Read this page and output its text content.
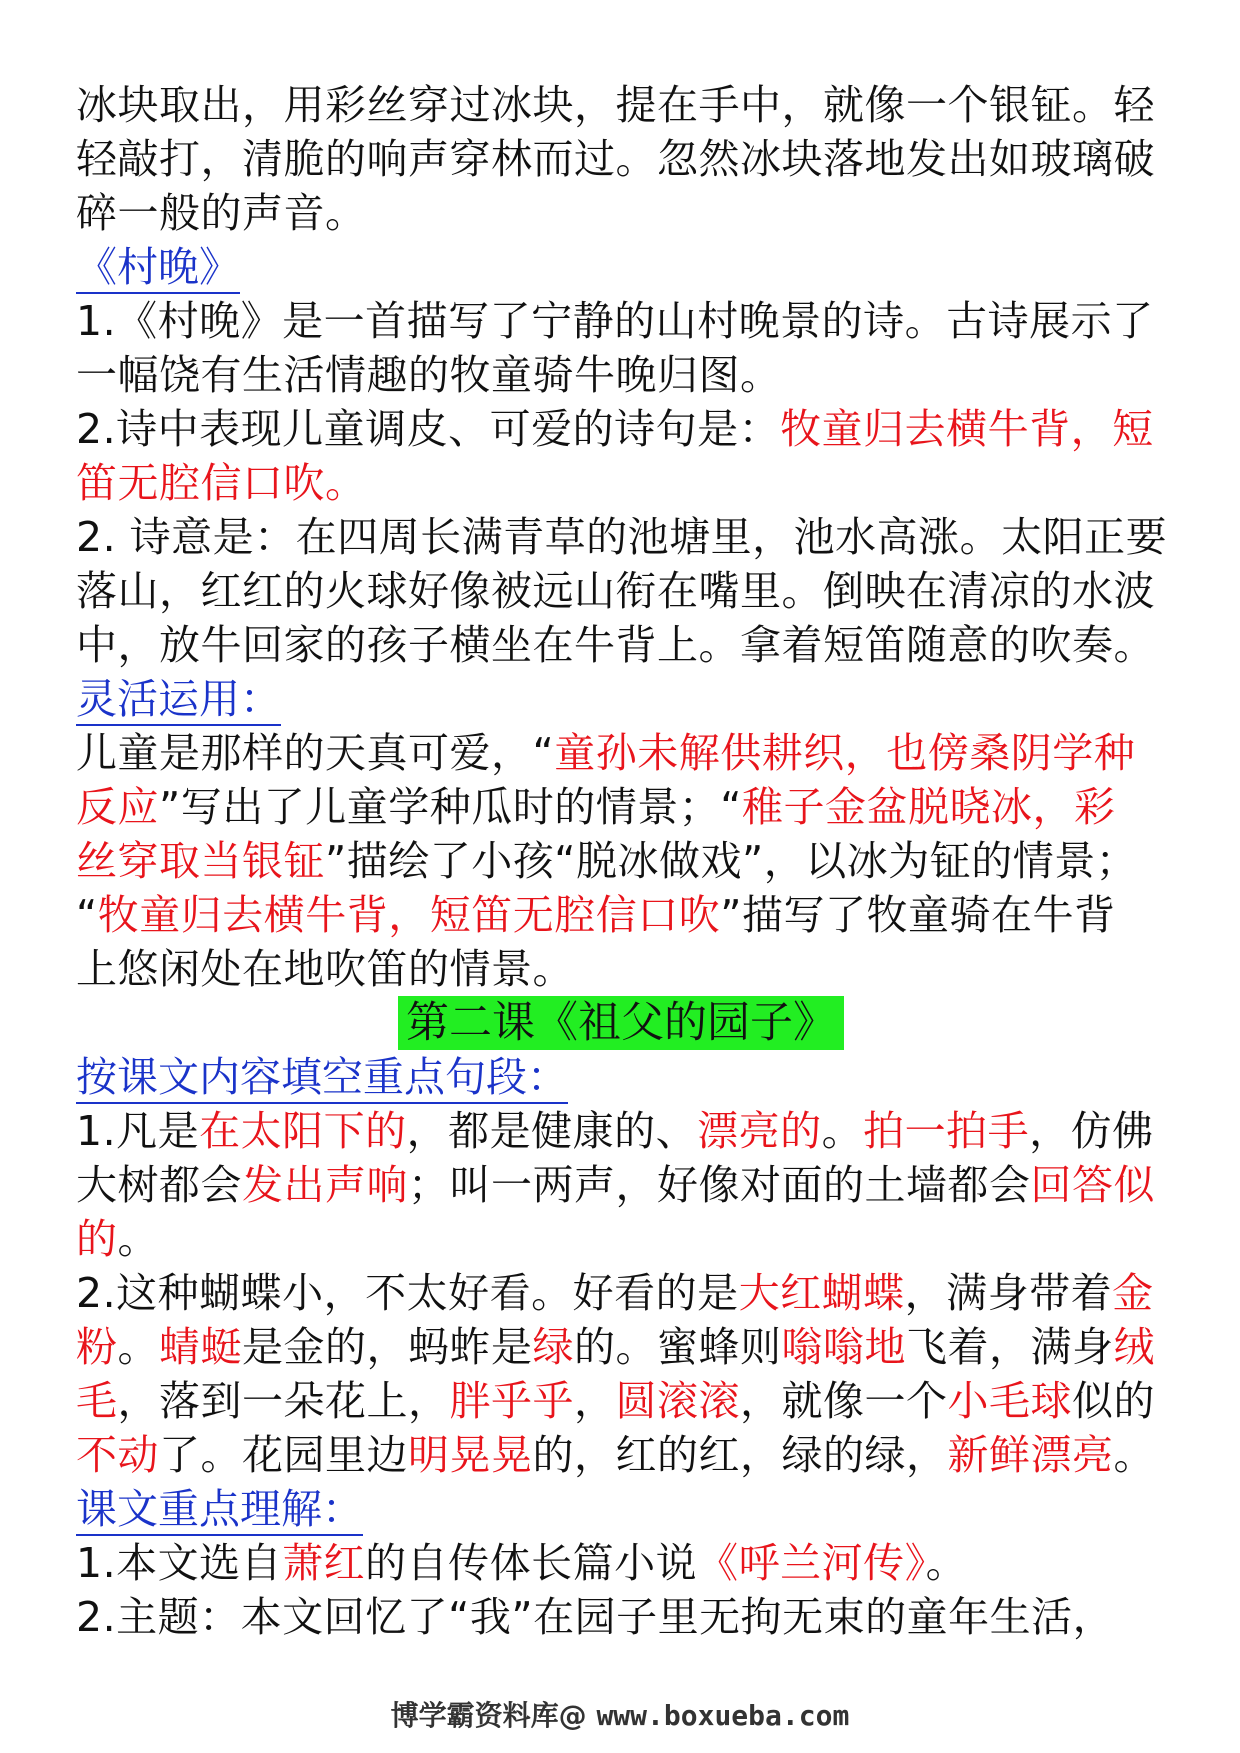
冰块取出，用彩丝穿过冰块，提在手中，就像一个银钲。轻
轻敲打，清脆的响声穿林而过。忽然冰块落地发出如玻璃破
碎一般的声音。
《村晚》
1.《村晚》是一首描写了宁静的山村晚景的诗。古诗展示了
一幅饶有生活情趣的牧童骑牛晚归图。
2.诗中表现儿童调皮、可爱的诗句是：牧童归去横牛背，短
笛无腔信口吹。
2. 诗意是：在四周长满青草的池塘里，池水高涨。太阳正要
落山，红红的火球好像被远山衔在嘴里。倒映在清凉的水波
中，放牛回家的孩子横坐在牛背上。拿着短笛随意的吹奏。
灵活运用：
儿童是那样的天真可爱，“童孙未解供耕织，也傍桑阴学种
反应”写出了儿童学种瓜时的情景；“稚子金盆脱晓冰，彩
丝穿取当银钲”描绘了小孩“脱冰做戏”，以冰为钲的情景；
“牧童归去横牛背，短笛无腔信口吹”描写了牧童骑在牛背
上悠闲处在地吹笛的情景。
第二课《祖父的园子》
按课文内容填空重点句段：
1.凡是在太阳下的，都是健康的、漂亮的。拍一拍手，仿佛
大树都会发出声响；叫一两声，好像对面的土墙都会回答似
的。
2.这种蝴蝶小，不太好看。好看的是大红蝴蝶，满身带着金
粉。蜻蜓是金的，蚂蚱是绿的。蜜蜂则嗡嗡地飞着，满身绒
毛，落到一朵花上，胖乎乎，圆滚滚，就像一个小毛球似的
不动了。花园里边明晃晃的，红的红，绿的绿，新鲜漂亮。
课文重点理解：
1.本文选自萧红的自传体长篇小说《呼兰河传》。
2.主题：本文回忆了“我”在园子里无拘无束的童年生活，
博学霸资料库@ www.boxueba.com
